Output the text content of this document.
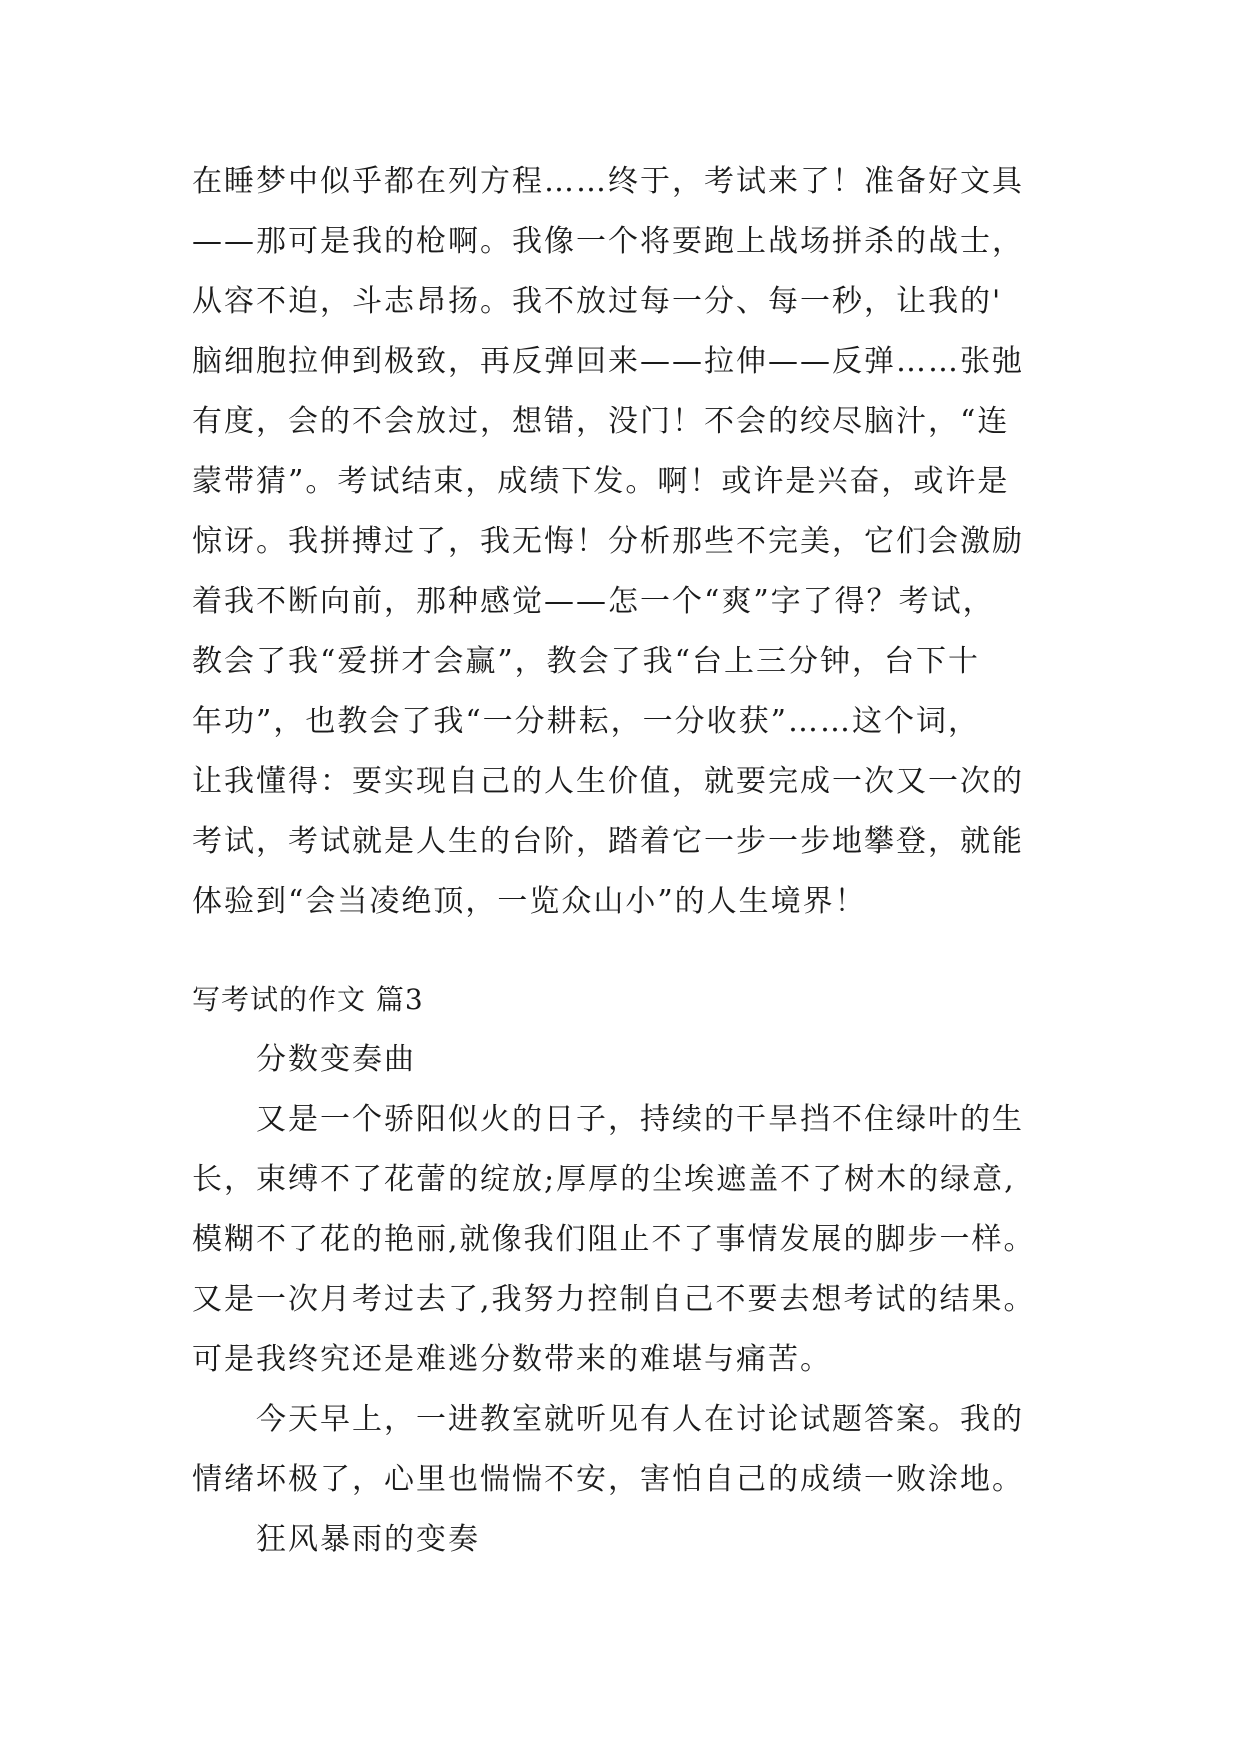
在睡梦中似乎都在列方程……终于，考试来了！准备好文具
——那可是我的枪啊。我像一个将要跑上战场拼杀的战士，
从容不迫，斗志昂扬。我不放过每一分、每一秒，让我的'
脑细胞拉伸到极致，再反弹回来——拉伸——反弹……张弛
有度，会的不会放过，想错，没门！不会的绞尽脑汁，“连
蒙带猜”。考试结束，成绩下发。啊！或许是兴奋，或许是
惊讶。我拼搏过了，我无悔！分析那些不完美，它们会激励
着我不断向前，那种感觉——怎一个“爽”字了得？考试，
教会了我“爱拼才会赢”，教会了我“台上三分钟，台下十
年功”，也教会了我“一分耕耘，一分收获”……这个词，
让我懂得：要实现自己的人生价值，就要完成一次又一次的
考试，考试就是人生的台阶，踏着它一步一步地攀登，就能
体验到“会当凌绝顶，一览众山小”的人生境界！
写考试的作文 篇3
分数变奏曲
又是一个骄阳似火的日子，持续的干旱挡不住绿叶的生
长，束缚不了花蕾的绽放;厚厚的尘埃遮盖不了树木的绿意,
模糊不了花的艳丽,就像我们阻止不了事情发展的脚步一样。
又是一次月考过去了,我努力控制自己不要去想考试的结果。
可是我终究还是难逃分数带来的难堪与痛苦。
今天早上，一进教室就听见有人在讨论试题答案。我的
情绪坏极了，心里也惴惴不安，害怕自己的成绩一败涂地。
狂风暴雨的变奏
